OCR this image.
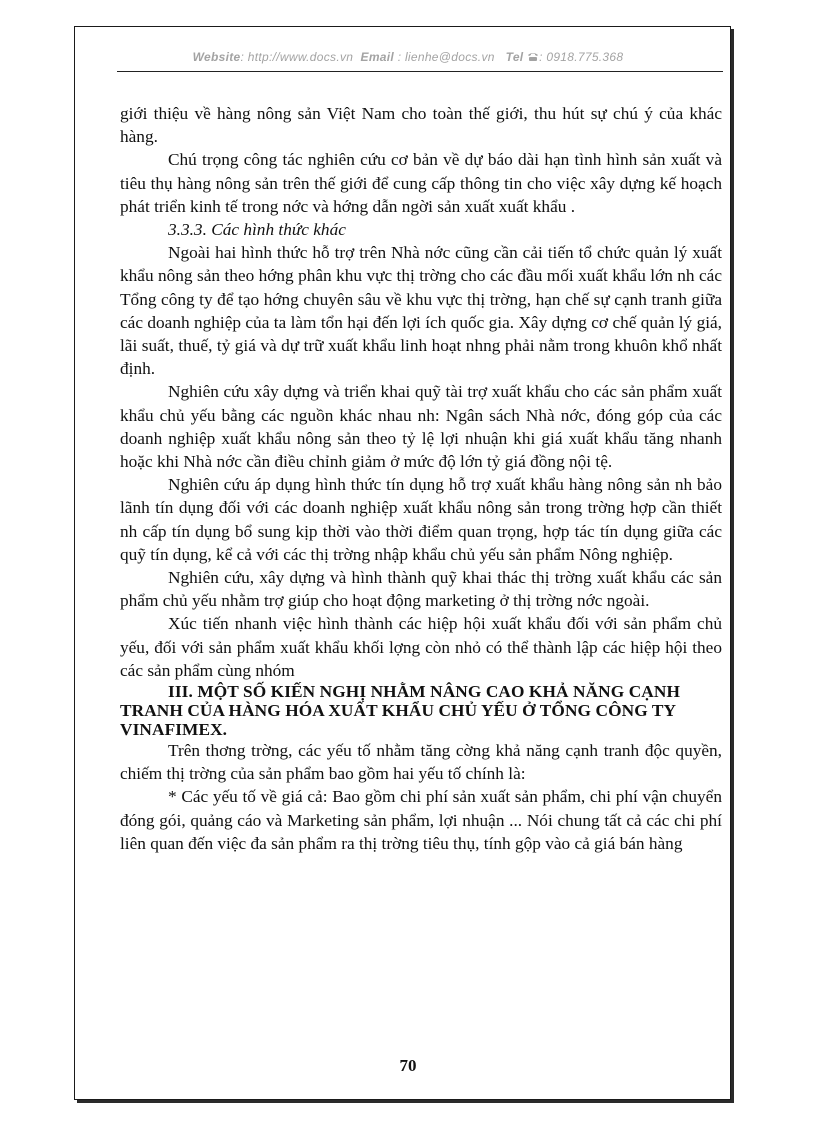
Website: http://www.docs.vn Email : lienhe@docs.vn Tel : 0918.775.368

giới thiệu về hàng nông sản Việt Nam cho toàn thế giới, thu hút sự chú ý của khác hàng.

Chú trọng công tác nghiên cứu cơ bản về dự báo dài hạn tình hình sản xuất và tiêu thụ hàng nông sản trên thế giới để cung cấp thông tin cho việc xây dựng kế hoạch phát triển kinh tế trong nớc và hớng dẫn ngời sản xuất xuất khẩu .

3.3.3. Các hình thức khác

Ngoài hai hình thức hỗ trợ trên Nhà nớc cũng cần cải tiến tổ chức quản lý xuất khẩu nông sản theo hớng phân khu vực thị trờng cho các đầu mối xuất khẩu lớn nh các Tổng công ty để tạo hớng chuyên sâu về khu vực thị trờng, hạn chế sự cạnh tranh giữa các doanh nghiệp của ta làm tổn hại đến lợi ích quốc gia. Xây dựng cơ chế quản lý giá, lãi suất, thuế, tỷ giá và dự trữ xuất khẩu linh hoạt nhng phải nằm trong khuôn khổ nhất định.

Nghiên cứu xây dựng và triển khai quỹ tài trợ xuất khẩu cho các sản phẩm xuất khẩu chủ yếu bằng các nguồn khác nhau nh: Ngân sách Nhà nớc, đóng góp của các doanh nghiệp xuất khẩu nông sản theo tỷ lệ lợi nhuận khi giá xuất khẩu tăng nhanh hoặc khi Nhà nớc cần điều chỉnh giảm ở mức độ lớn tỷ giá đồng nội tệ.

Nghiên cứu áp dụng hình thức tín dụng hỗ trợ xuất khẩu hàng nông sản nh bảo lãnh tín dụng đối với các doanh nghiệp xuất khẩu nông sản trong trờng hợp cần thiết nh cấp tín dụng bổ sung kịp thời vào thời điểm quan trọng, hợp tác tín dụng giữa các quỹ tín dụng, kể cả với các thị trờng nhập khẩu chủ yếu sản phẩm Nông nghiệp.

Nghiên cứu, xây dựng và hình thành quỹ khai thác thị trờng xuất khẩu các sản phẩm chủ yếu nhằm trợ giúp cho hoạt động marketing ở thị trờng nớc ngoài.

Xúc tiến nhanh việc hình thành các hiệp hội xuất khẩu đối với sản phẩm chủ yếu, đối với sản phẩm xuất khẩu khối lợng còn nhỏ có thể thành lập các hiệp hội theo các sản phẩm cùng nhóm

III. MỘT SỐ KIẾN NGHỊ NHẰM NÂNG CAO KHẢ NĂNG CẠNH TRANH CỦA HÀNG HÓA XUẤT KHẨU CHỦ YẾU Ở TỔNG CÔNG TY VINAFIMEX.

Trên thơng trờng, các yếu tố nhằm tăng cờng khả năng cạnh tranh độc quyền, chiếm thị trờng của sản phẩm bao gồm hai yếu tố chính là:

* Các yếu tố về giá cả: Bao gồm chi phí sản xuất sản phẩm, chi phí vận chuyển đóng gói, quảng cáo và Marketing sản phẩm, lợi nhuận ... Nói chung tất cả các chi phí liên quan đến việc đa sản phẩm ra thị trờng tiêu thụ, tính gộp vào cả giá bán hàng

70
